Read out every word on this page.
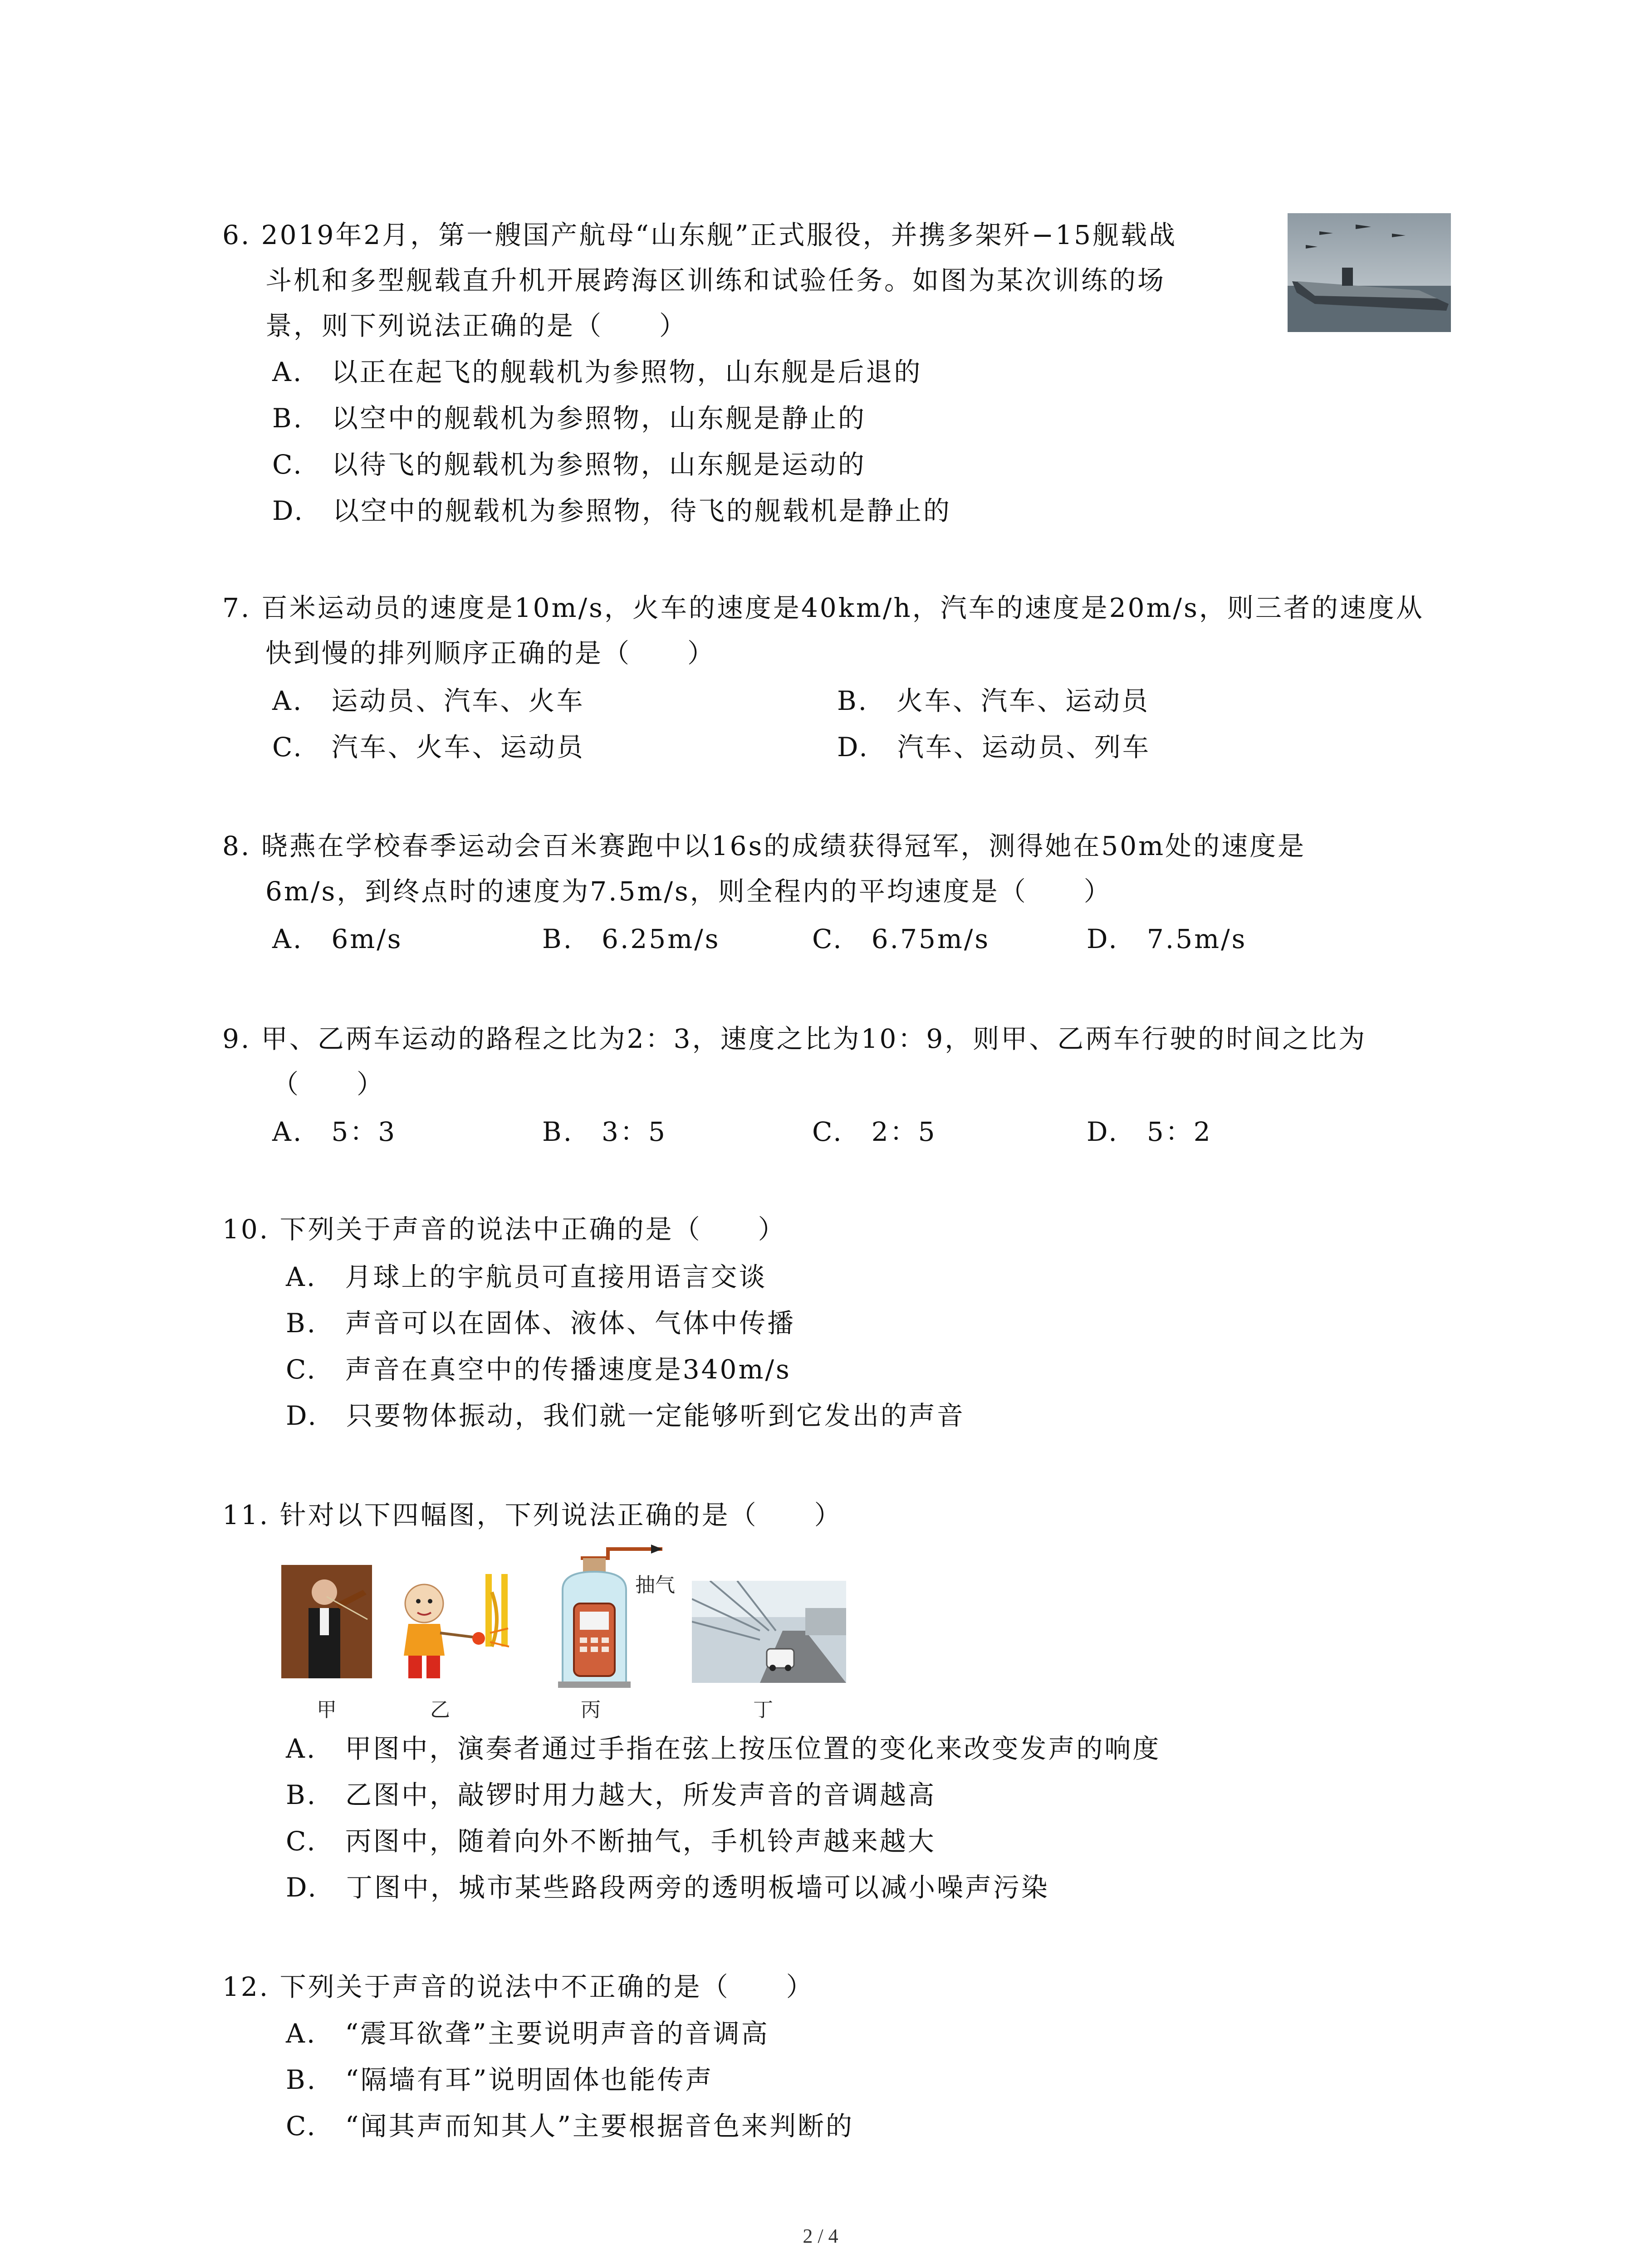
6. 2019年2月，第一艘国产航母“山东舰”正式服役，并携多架歼−15舰载战
斗机和多型舰载直升机开展跨海区训练和试验任务。如图为某次训练的场
景，则下列说法正确的是（　　）
A.　以正在起飞的舰载机为参照物，山东舰是后退的
B.　以空中的舰载机为参照物，山东舰是静止的
C.　以待飞的舰载机为参照物，山东舰是运动的
D.　以空中的舰载机为参照物，待飞的舰载机是静止的
7. 百米运动员的速度是10m/s，火车的速度是40km/h，汽车的速度是20m/s，则三者的速度从
快到慢的排列顺序正确的是（　　）
A.　运动员、汽车、火车	B.　火车、汽车、运动员
C.　汽车、火车、运动员	D.　汽车、运动员、列车
8. 晓燕在学校春季运动会百米赛跑中以16s的成绩获得冠军，测得她在50m处的速度是
6m/s，到终点时的速度为7.5m/s，则全程内的平均速度是（　　）
A.　6m/s	B.　6.25m/s	C.　6.75m/s	D.　7.5m/s
9. 甲、乙两车运动的路程之比为2：3，速度之比为10：9，则甲、乙两车行驶的时间之比为
（　　）
A.　5：3	B.　3：5	C.　2：5	D.　5：2
10. 下列关于声音的说法中正确的是（　　）
A.　月球上的宇航员可直接用语言交谈
B.　声音可以在固体、液体、气体中传播
C.　声音在真空中的传播速度是340m/s
D.　只要物体振动，我们就一定能够听到它发出的声音
11. 针对以下四幅图，下列说法正确的是（　　）
抽气
甲	乙	丙	丁
A.　甲图中，演奏者通过手指在弦上按压位置的变化来改变发声的响度
B.　乙图中，敲锣时用力越大，所发声音的音调越高
C.　丙图中，随着向外不断抽气，手机铃声越来越大
D.　丁图中，城市某些路段两旁的透明板墙可以减小噪声污染
12. 下列关于声音的说法中不正确的是（　　）
A.　“震耳欲聋”主要说明声音的音调高
B.　“隔墙有耳”说明固体也能传声
C.　“闻其声而知其人”主要根据音色来判断的
2 / 4
